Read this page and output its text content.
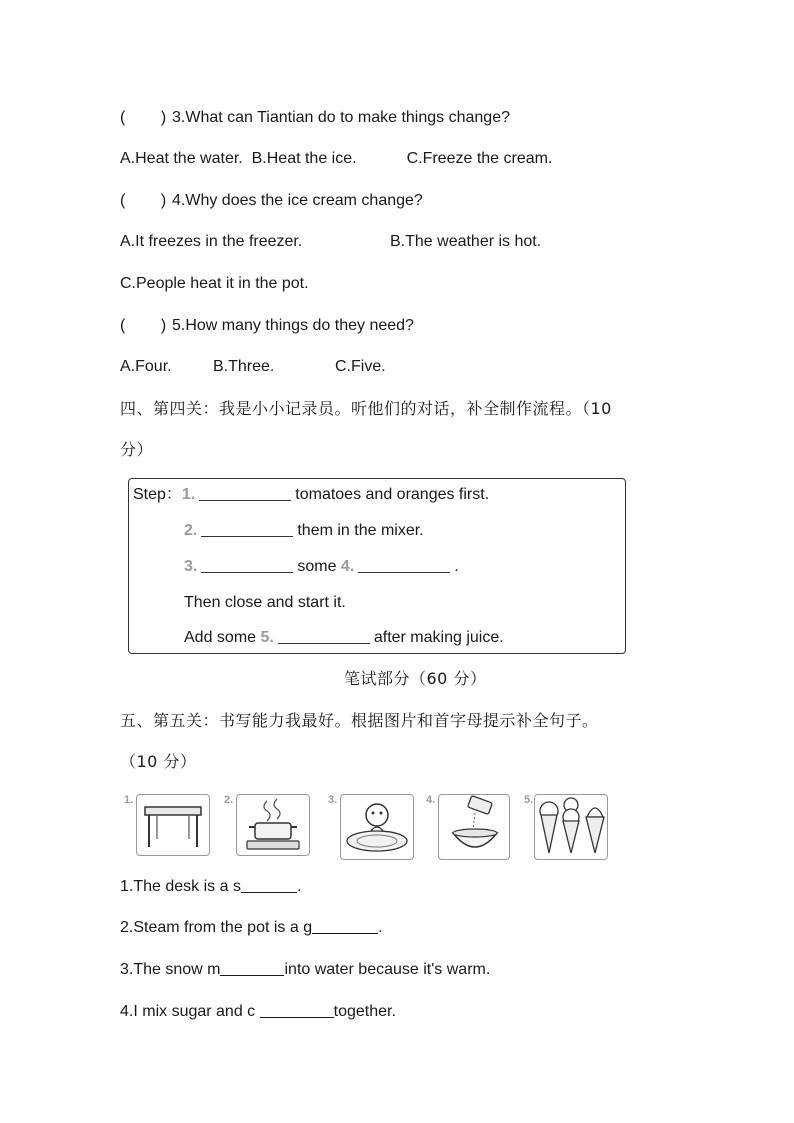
(        ) 3.What can Tiantian do to make things change?
A.Heat the water. B.Heat the ice.	C.Freeze the cream.
(        ) 4.Why does the ice cream change?
A.It freezes in the freezer.	B.The weather is hot.
C.People heat it in the pot.
(        ) 5.How many things do they need?
A.Four.	B.Three.	C.Five.
四、第四关：我是小小记录员。听他们的对话，补全制作流程。（10
分）
Step：1.	tomatoes and oranges first.
2.	them in the mixer.
3.	some 4.	.
Then close and start it.
Add some 5.	after making juice.
笔试部分（60 分）
五、第五关：书写能力我最好。根据图片和首字母提示补全句子。
（10 分）
1.	2.	3.	4.	5.
1.The desk is a s	.
2.Steam from the pot is a g	.
3.The snow m	into water because it's warm.
4.I mix sugar and c	together.
